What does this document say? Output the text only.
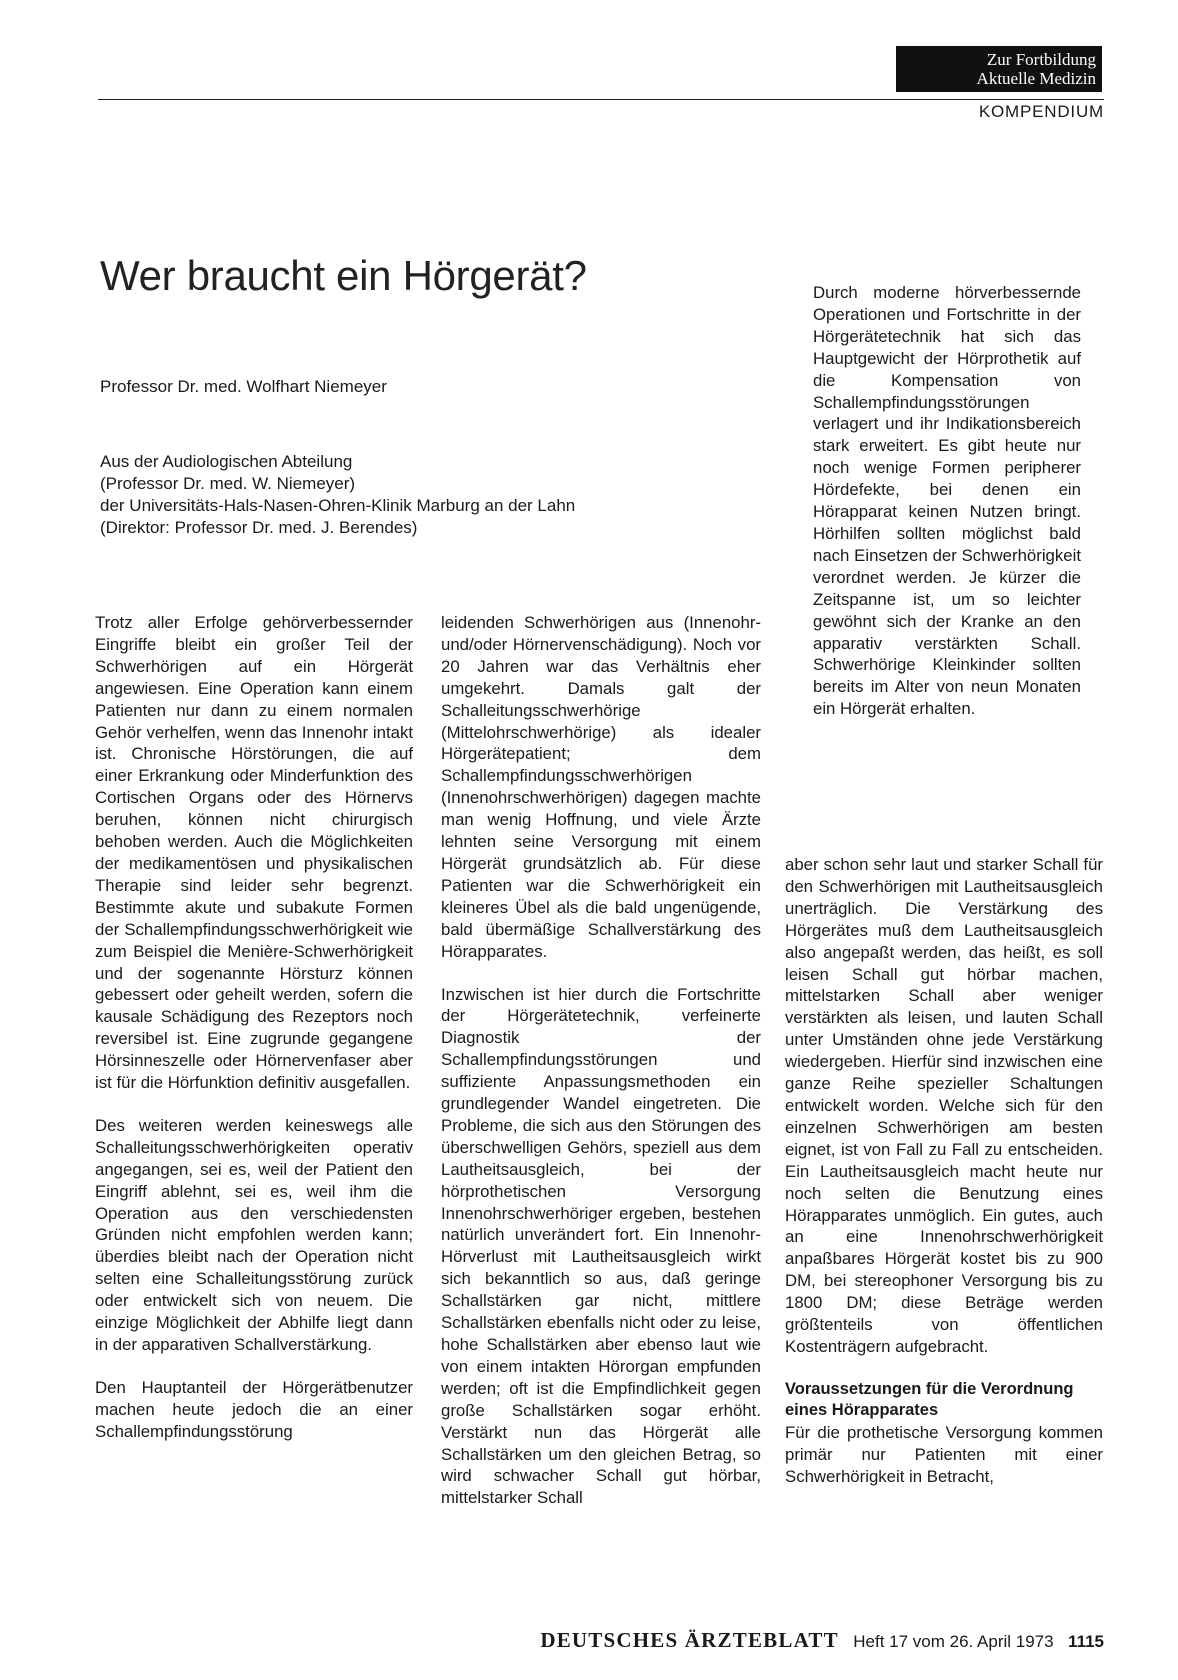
Zur Fortbildung
Aktuelle Medizin
KOMPENDIUM
Wer braucht ein Hörgerät?
Professor Dr. med. Wolfhart Niemeyer
Aus der Audiologischen Abteilung
(Professor Dr. med. W. Niemeyer)
der Universitäts-Hals-Nasen-Ohren-Klinik Marburg an der Lahn
(Direktor: Professor Dr. med. J. Berendes)

Trotz aller Erfolge gehörverbessernder Eingriffe bleibt ein großer Teil der Schwerhörigen auf ein Hörgerät angewiesen. Eine Operation kann einem Patienten nur dann zu einem normalen Gehör verhelfen, wenn das Innenohr intakt ist. Chronische Hörstörungen, die auf einer Erkrankung oder Minderfunktion des Cortischen Organs oder des Hörnervs beruhen, können nicht chirurgisch behoben werden. Auch die Möglichkeiten der medikamentösen und physikalischen Therapie sind leider sehr begrenzt. Bestimmte akute und subakute Formen der Schallempfindungsschwerhörigkeit wie zum Beispiel die Menière-Schwerhörigkeit und der sogenannte Hörsturz können gebessert oder geheilt werden, sofern die kausale Schädigung des Rezeptors noch reversibel ist. Eine zugrunde gegangene Hörsinneszelle oder Hörnervenfaser aber ist für die Hörfunktion definitiv ausgefallen.

Des weiteren werden keineswegs alle Schalleitungsschwerhörigkeiten operativ angegangen, sei es, weil der Patient den Eingriff ablehnt, sei es, weil ihm die Operation aus den verschiedensten Gründen nicht empfohlen werden kann; überdies bleibt nach der Operation nicht selten eine Schalleitungsstörung zurück oder entwickelt sich von neuem. Die einzige Möglichkeit der Abhilfe liegt dann in der apparativen Schallverstärkung.

Den Hauptanteil der Hörgerätbenutzer machen heute jedoch die an einer Schallempfindungsstörung

leidenden Schwerhörigen aus (Innenohr- und/oder Hörnervenschädigung). Noch vor 20 Jahren war das Verhältnis eher umgekehrt. Damals galt der Schalleitungsschwerhörige (Mittelohrschwerhörige) als idealer Hörgerätepatient; dem Schallempfindungsschwerhörigen (Innenohrschwerhörigen) dagegen machte man wenig Hoffnung, und viele Ärzte lehnten seine Versorgung mit einem Hörgerät grundsätzlich ab. Für diese Patienten war die Schwerhörigkeit ein kleineres Übel als die bald ungenügende, bald übermäßige Schallverstärkung des Hörapparates.

Inzwischen ist hier durch die Fortschritte der Hörgerätetechnik, verfeinerte Diagnostik der Schallempfindungsstörungen und suffiziente Anpassungsmethoden ein grundlegender Wandel eingetreten. Die Probleme, die sich aus den Störungen des überschwelligen Gehörs, speziell aus dem Lautheitsausgleich, bei der hörprothetischen Versorgung Innenohrschwerhöriger ergeben, bestehen natürlich unverändert fort. Ein Innenohr-Hörverlust mit Lautheitsausgleich wirkt sich bekanntlich so aus, daß geringe Schallstärken gar nicht, mittlere Schallstärken ebenfalls nicht oder zu leise, hohe Schallstärken aber ebenso laut wie von einem intakten Hörorgan empfunden werden; oft ist die Empfindlichkeit gegen große Schallstärken sogar erhöht. Verstärkt nun das Hörgerät alle Schallstärken um den gleichen Betrag, so wird schwacher Schall gut hörbar, mittelstarker Schall

Durch moderne hörverbessernde Operationen und Fortschritte in der Hörgerätetechnik hat sich das Hauptgewicht der Hörprothetik auf die Kompensation von Schallempfindungsstörungen verlagert und ihr Indikationsbereich stark erweitert. Es gibt heute nur noch wenige Formen peripherer Hördefekte, bei denen ein Hörapparat keinen Nutzen bringt. Hörhilfen sollten möglichst bald nach Einsetzen der Schwerhörigkeit verordnet werden. Je kürzer die Zeitspanne ist, um so leichter gewöhnt sich der Kranke an den apparativ verstärkten Schall. Schwerhörige Kleinkinder sollten bereits im Alter von neun Monaten ein Hörgerät erhalten.

aber schon sehr laut und starker Schall für den Schwerhörigen mit Lautheitsausgleich unerträglich. Die Verstärkung des Hörgerätes muß dem Lautheitsausgleich also angepaßt werden, das heißt, es soll leisen Schall gut hörbar machen, mittelstarken Schall aber weniger verstärkten als leisen, und lauten Schall unter Umständen ohne jede Verstärkung wiedergeben. Hierfür sind inzwischen eine ganze Reihe spezieller Schaltungen entwickelt worden. Welche sich für den einzelnen Schwerhörigen am besten eignet, ist von Fall zu Fall zu entscheiden. Ein Lautheitsausgleich macht heute nur noch selten die Benutzung eines Hörapparates unmöglich. Ein gutes, auch an eine Innenohrschwerhörigkeit anpaßbares Hörgerät kostet bis zu 900 DM, bei stereophoner Versorgung bis zu 1800 DM; diese Beträge werden größtenteils von öffentlichen Kostenträgern aufgebracht.

Voraussetzungen für die Verordnung eines Hörapparates

Für die prothetische Versorgung kommen primär nur Patienten mit einer Schwerhörigkeit in Betracht,

DEUTSCHES ÄRZTEBLATT Heft 17 vom 26. April 1973 1115
